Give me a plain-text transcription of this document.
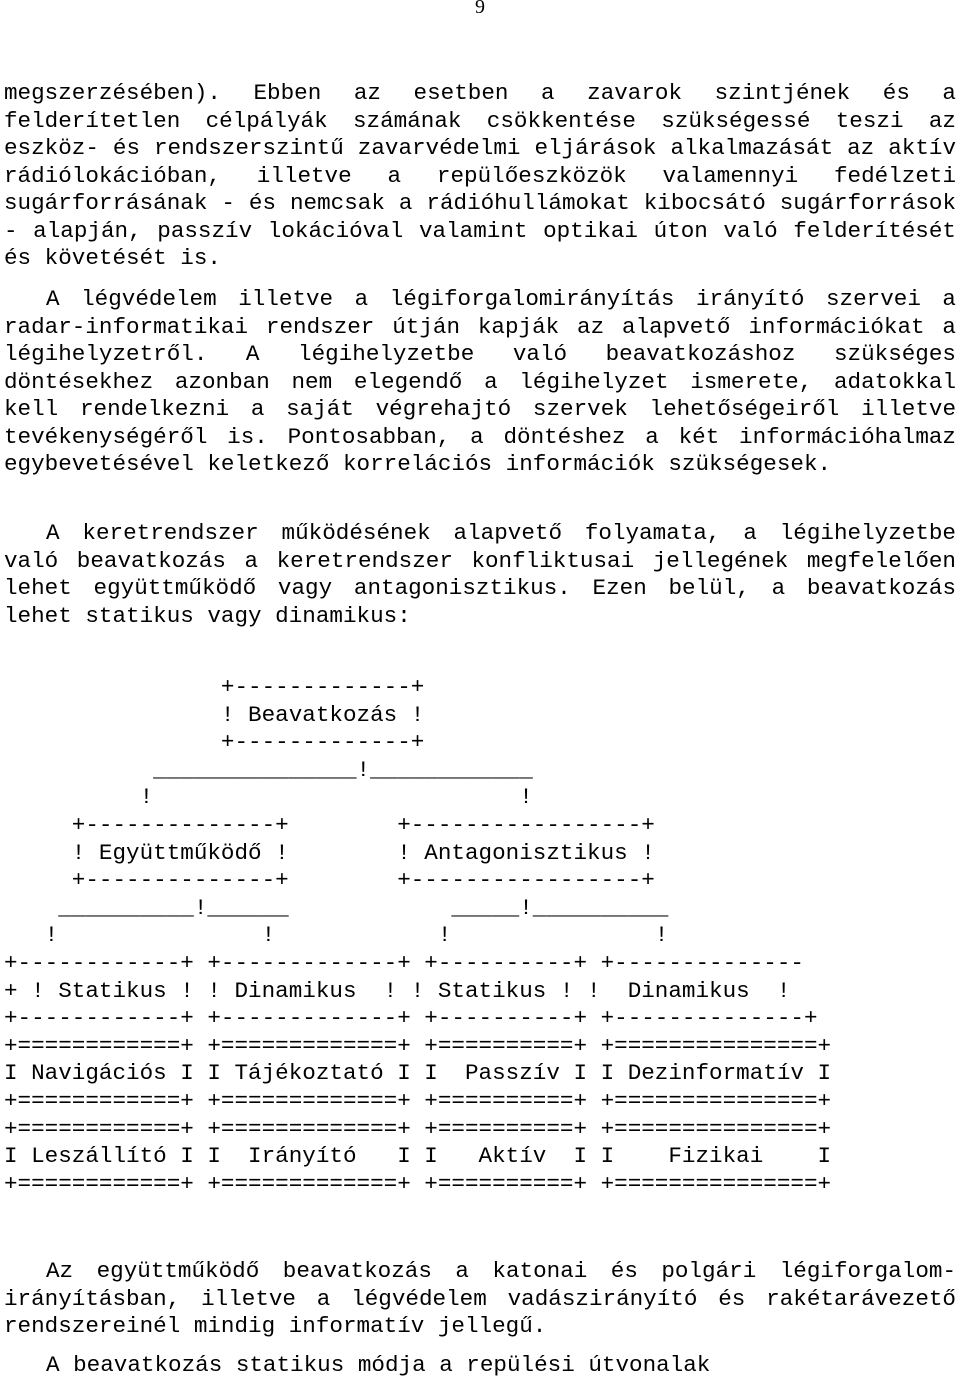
9

megszerzésében). Ebben az esetben a zavarok szintjének és a felderítetlen célpályák számának csökkentése szükségessé teszi az eszköz- és rendszerszintű zavarvédelmi eljárások alkalmazását az aktív rádiólokációban, illetve a repülőeszközök valamennyi fedélzeti sugárforrásának - és nemcsak a rádióhullámokat kibocsátó sugárforrások - alapján, passzív lokációval valamint optikai úton való felderítését és követését is.

A légvédelem illetve a légiforgalomirányítás irányító szervei a radar-informatikai rendszer útján kapják az alapvető információkat a légihelyzetről. A légihelyzetbe való beavatkozáshoz szükséges döntésekhez azonban nem elegendő a légihelyzet ismerete, adatokkal kell rendelkezni a saját végrehajtó szervek lehetőségeiről illetve tevékenységéről is. Pontosabban, a döntéshez a két információhalmaz egybevetésével keletkező korrelációs információk szükségesek.

A keretrendszer működésének alapvető folyamata, a légihelyzetbe való beavatkozás a keretrendszer konfliktusai jellegének megfelelően lehet együttműködő vagy antagonisztikus. Ezen belül, a beavatkozás lehet statikus vagy dinamikus:

+-------------+
! Beavatkozás !
+-------------+
_______________!____________
!                           !
+--------------+        +-----------------+
! Együttműködő !        ! Antagonisztikus !
+--------------+        +-----------------+
__________!______            _____!__________
!               !            !               !
+------------+ +-------------+ +----------+ +--------------
+ ! Statikus ! ! Dinamikus  ! ! Statikus ! !  Dinamikus  !
+------------+ +-------------+ +----------+ +--------------+
+============+ +=============+ +==========+ +===============+
I Navigációs I I Tájékoztató I I  Passzív I I Dezinformatív I
+============+ +=============+ +==========+ +===============+
+============+ +=============+ +==========+ +===============+
I Leszállító I I  Irányító   I I   Aktív  I I    Fizikai    I
+============+ +=============+ +==========+ +===============+

Az együttműködő beavatkozás a katonai és polgári légiforgalom-irányításban, illetve a légvédelem vadászirányító és rakétarávezető rendszereinél mindig informatív jellegű.

A beavatkozás statikus módja a repülési útvonalak
